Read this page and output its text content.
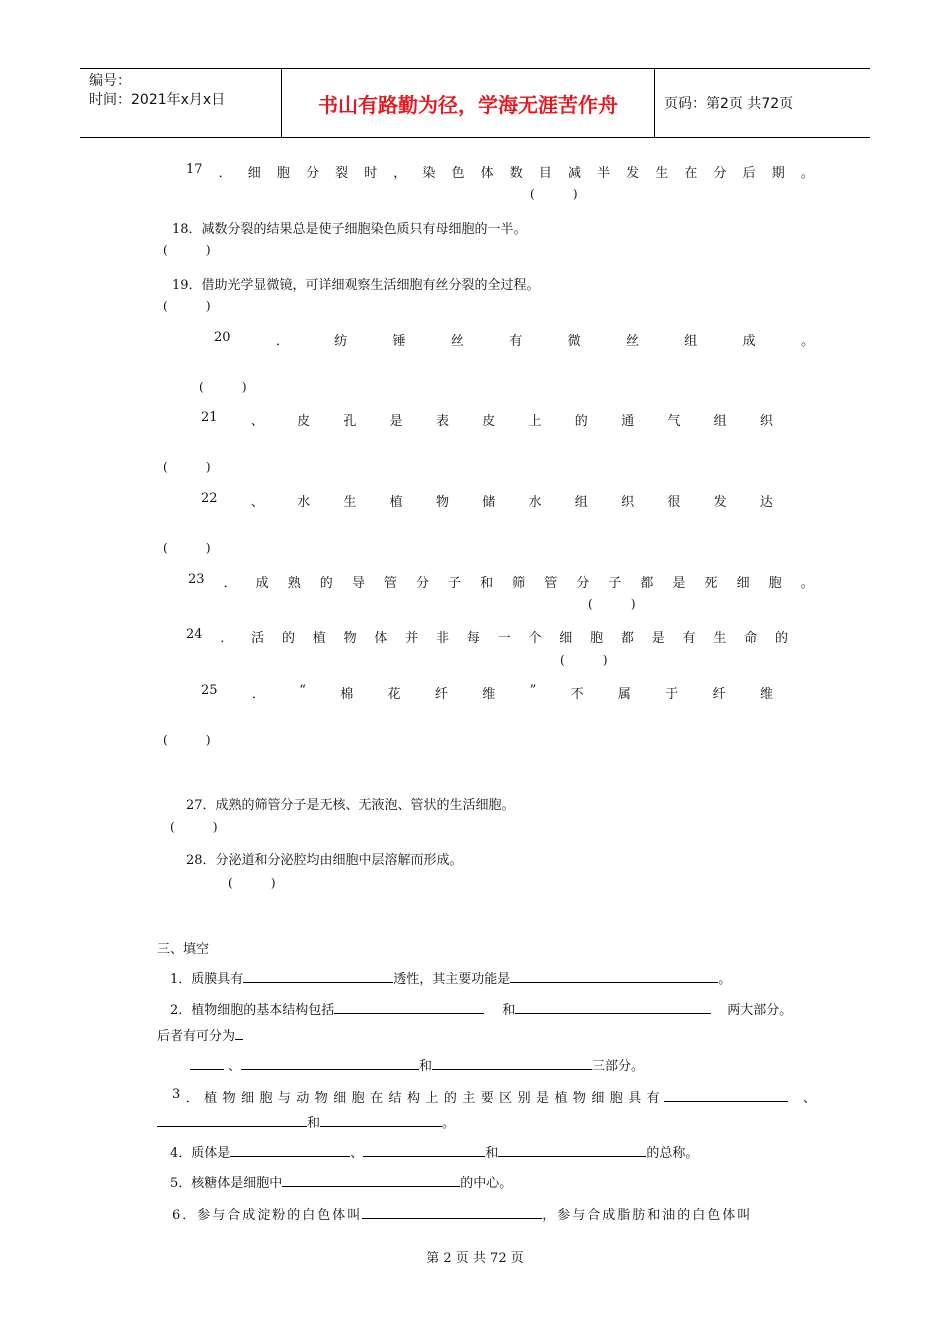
编号：
时间：2021年x月x日	书山有路勤为径，学海无涯苦作舟	页码：第2页 共72页
17 ． 细 胞 分 裂 时 ， 染 色 体 数 目 减 半 发 生 在 分 后 期 。
(          )
18．减数分裂的结果总是使子细胞染色质只有母细胞的一半。
(          )
19．借助光学显微镜，可详细观察生活细胞有丝分裂的全过程。
(          )
20	．	纺	锤	丝	有	微	丝	组	成	。
(          )
21	、	皮	孔	是	表	皮	上	的	通	气	组	织
(          )
22	、	水	生	植	物	储	水	组	织	很	发	达
(          )
23 ． 成 熟 的 导 管 分 子 和 筛 管 分 子 都 是 死 细 胞 。
(          )
24 ． 活 的 植 物 体 并 非 每 一 个 细 胞 都 是 有 生 命 的
(          )
25	．	“	棉	花	纤	维	”	不	属	于	纤	维
(          )
27．成熟的筛管分子是无核、无液泡、管状的生活细胞。
(          )
28．分泌道和分泌腔均由细胞中层溶解而形成。
(          )
三、填空
1．质膜具有	透性，其主要功能是	。
2．植物细胞的基本结构包括	和	两大部分。
后者有可分为
、	和	三部分。
3 ． 植 物 细 胞 与 动 物 细 胞 在 结 构 上 的 主 要 区 别 是 植 物 细 胞 具 有	、
和	。
4．质体是	、	和	的总称。
5．核糖体是细胞中	的中心。
6．参与合成淀粉的白色体叫	，参与合成脂肪和油的白色体叫
第 2 页 共 72 页
